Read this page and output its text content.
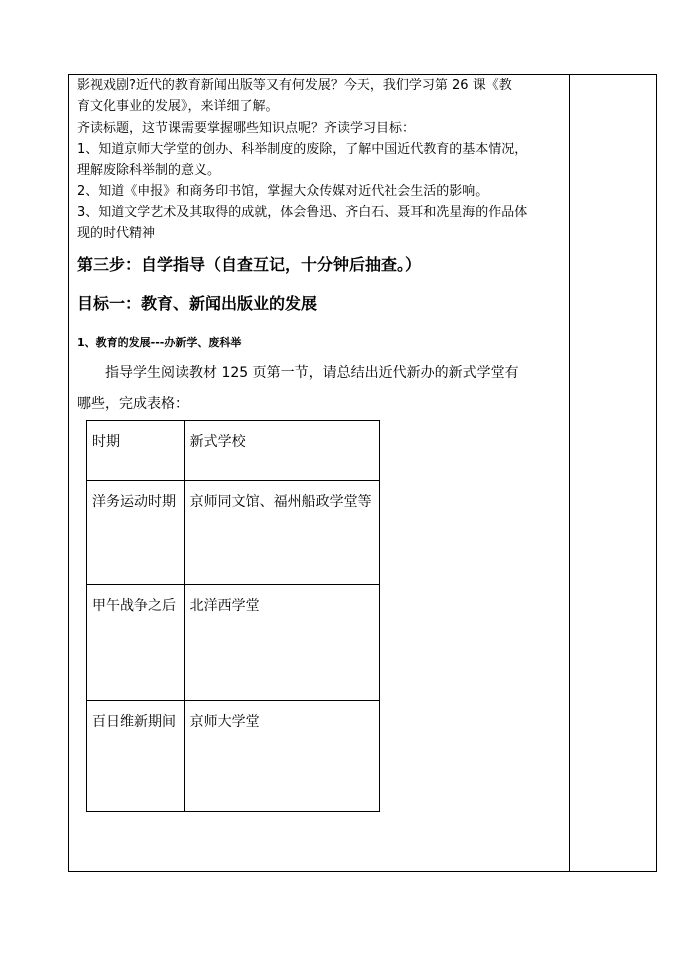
影视戏剧?近代的教育新闻出版等又有何发展？今天，我们学习第 26 课《教
育文化事业的发展》，来详细了解。
齐读标题，这节课需要掌握哪些知识点呢？齐读学习目标：
1、知道京师大学堂的创办、科举制度的废除，了解中国近代教育的基本情况，
理解废除科举制的意义。
2、知道《申报》和商务印书馆，掌握大众传媒对近代社会生活的影响。
3、知道文学艺术及其取得的成就，体会鲁迅、齐白石、聂耳和冼星海的作品体
现的时代精神
第三步：自学指导（自查互记，十分钟后抽查。）
目标一：教育、新闻出版业的发展
1、教育的发展---办新学、废科举
指导学生阅读教材 125 页第一节，请总结出近代新办的新式学堂有
哪些，完成表格：
时期	新式学校
洋务运动时期	京师同文馆、福州船政学堂等
甲午战争之后	北洋西学堂
百日维新期间	京师大学堂
